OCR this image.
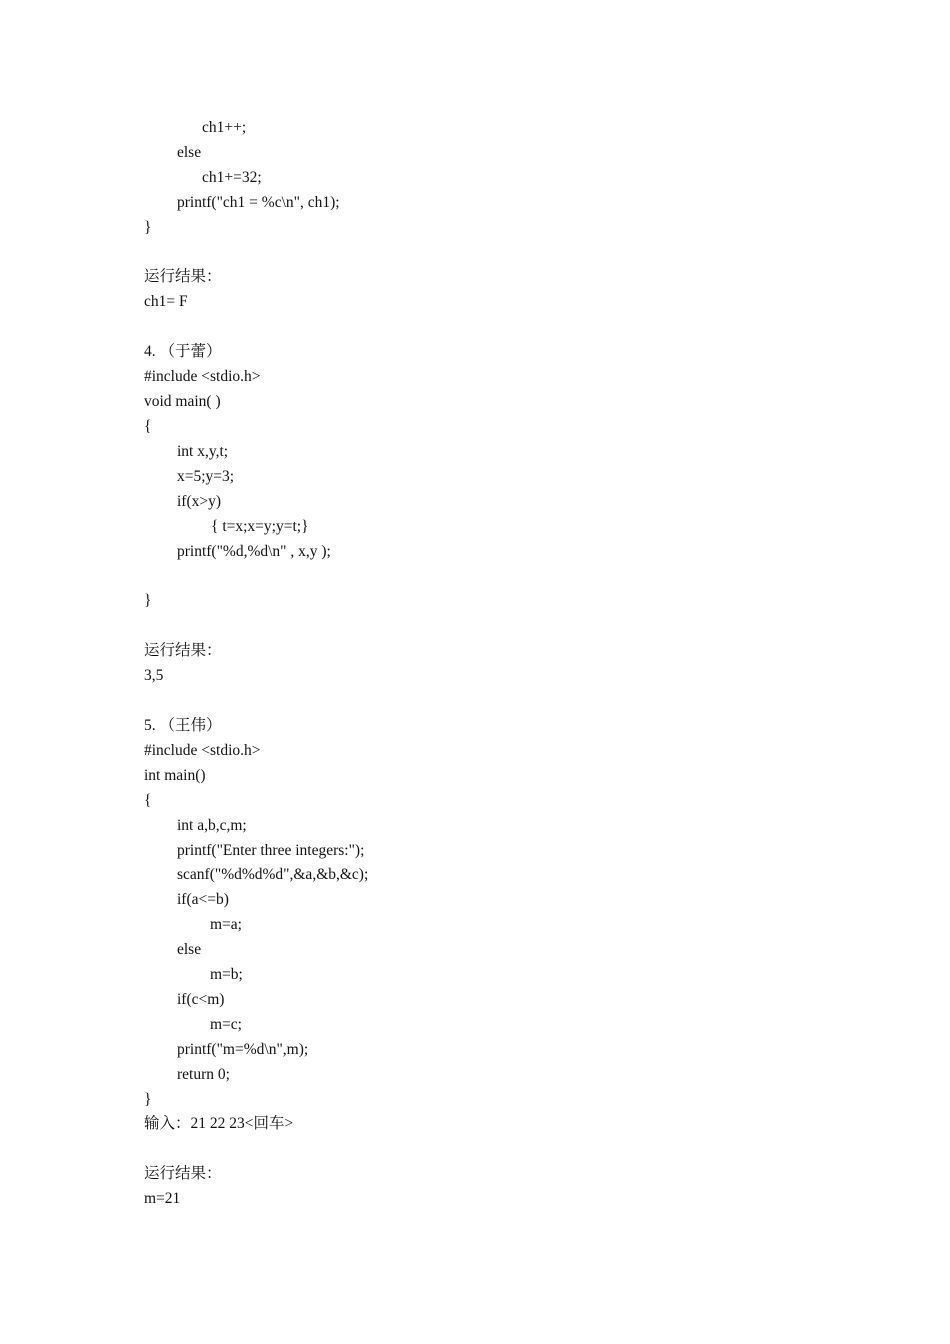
ch1++;
else
ch1+=32;
printf("ch1 = %c\n", ch1);
}
运行结果：
ch1= F
4. （于蕾）
#include <stdio.h>
void main( )
{
int x,y,t;
x=5;y=3;
if(x>y)
{ t=x;x=y;y=t;}
printf("%d,%d\n" , x,y );
}
运行结果：
3,5
5. （王伟）
#include <stdio.h>
int main()
{
int a,b,c,m;
printf("Enter three integers:");
scanf("%d%d%d",&a,&b,&c);
if(a<=b)
m=a;
else
m=b;
if(c<m)
m=c;
printf("m=%d\n",m);
return 0;
}
输入：21 22 23<回车>
运行结果：
m=21
